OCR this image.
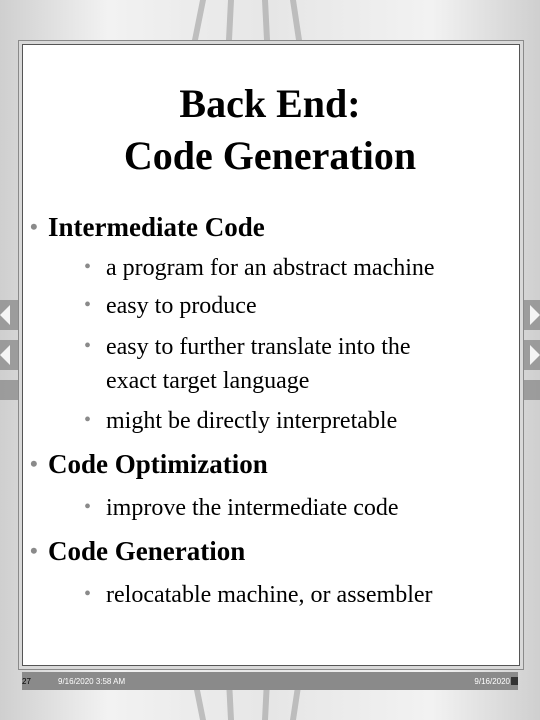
Back End:
Code Generation
• Intermediate Code
• a program for an abstract machine
• easy to produce
• easy to further translate into the
exact target language
• might be directly interpretable
• Code Optimization
• improve the intermediate code
• Code Generation
• relocatable machine, or assembler
27	9/16/2020 3:58 AM	9/16/2020
